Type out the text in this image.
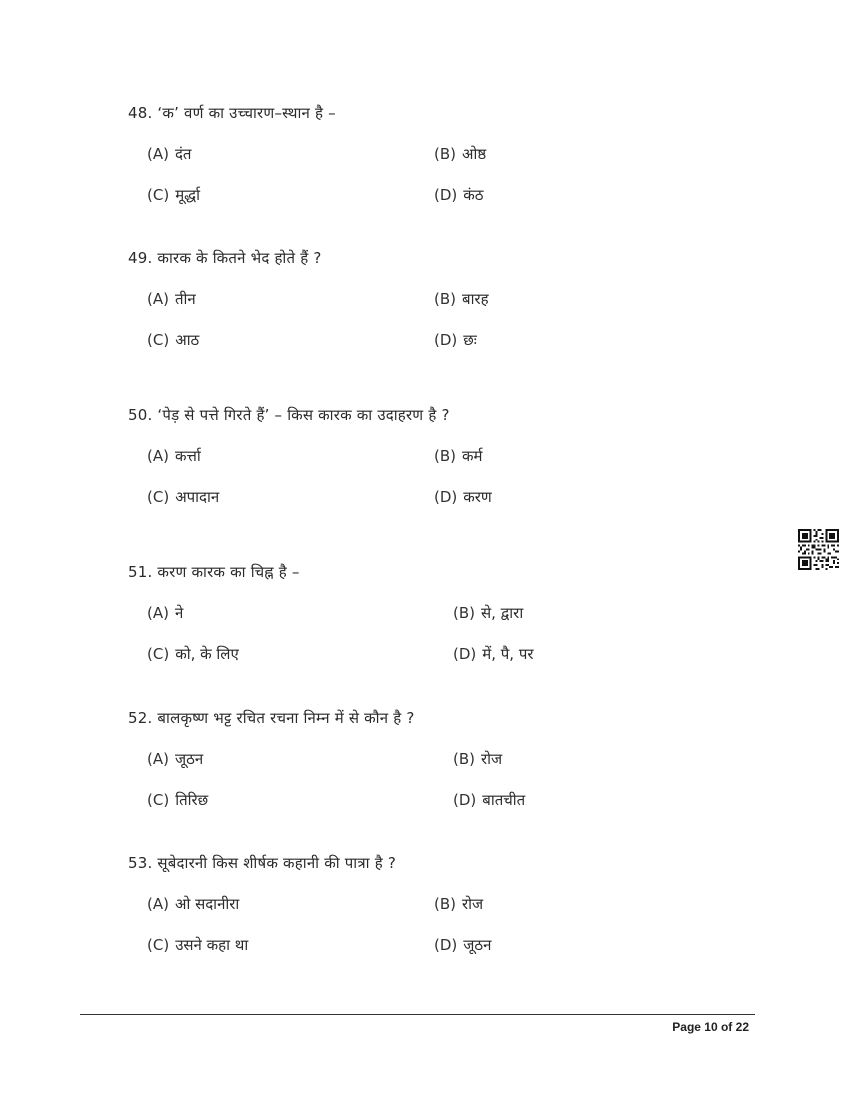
48. ‘क’ वर्ण का उच्चारण–स्थान है –
(A) दंत	(B) ओष्ठ
(C) मूर्द्धा	(D) कंठ
49. कारक के कितने भेद होते हैं ?
(A) तीन	(B) बारह
(C) आठ	(D) छः
50. ‘पेड़ से पत्ते गिरते हैं’ – किस कारक का उदाहरण है ?
(A) कर्त्ता	(B) कर्म
(C) अपादान	(D) करण
51. करण कारक का चिह्न है –
(A) ने	(B) से, द्वारा
(C) को, के लिए	(D) में, पै, पर
52. बालकृष्ण भट्ट रचित रचना निम्न में से कौन है ?
(A) जूठन	(B) रोज
(C) तिरिछ	(D) बातचीत
53. सूबेदारनी किस शीर्षक कहानी की पात्रा है ?
(A) ओ सदानीरा	(B) रोज
(C) उसने कहा था	(D) जूठन
Page 10 of 22
